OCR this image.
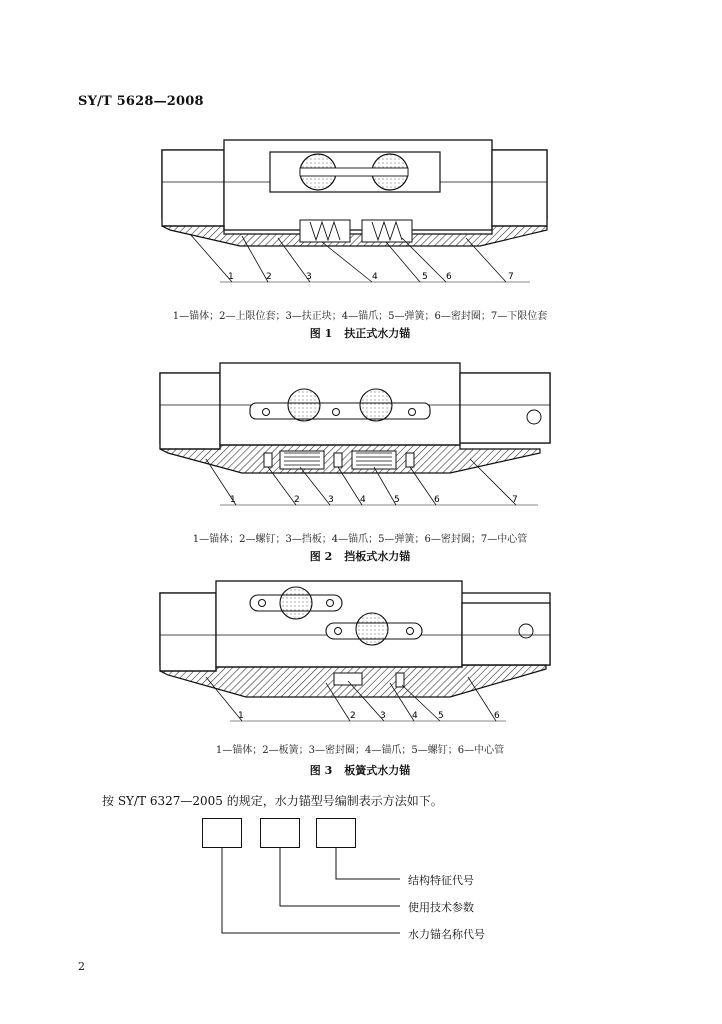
SY/T 5628—2008
1	2	3	4	5 6	7
1—锚体；2—上限位套；3—扶正块；4—锚爪；5—弹簧；6—密封圈；7—下限位套
图 1 扶正式水力锚
1	2	3	4	5	6	7
1—锚体；2—螺钉；3—挡板；4—锚爪；5—弹簧；6—密封圈；7—中心管
图 2 挡板式水力锚
1	2	3	4 5	6
1—锚体；2—板簧；3—密封圈；4—锚爪；5—螺钉；6—中心管
图 3 板簧式水力锚
按 SY/T 6327—2005 的规定，水力锚型号编制表示方法如下。
结构特征代号
使用技术参数
水力锚名称代号
2
